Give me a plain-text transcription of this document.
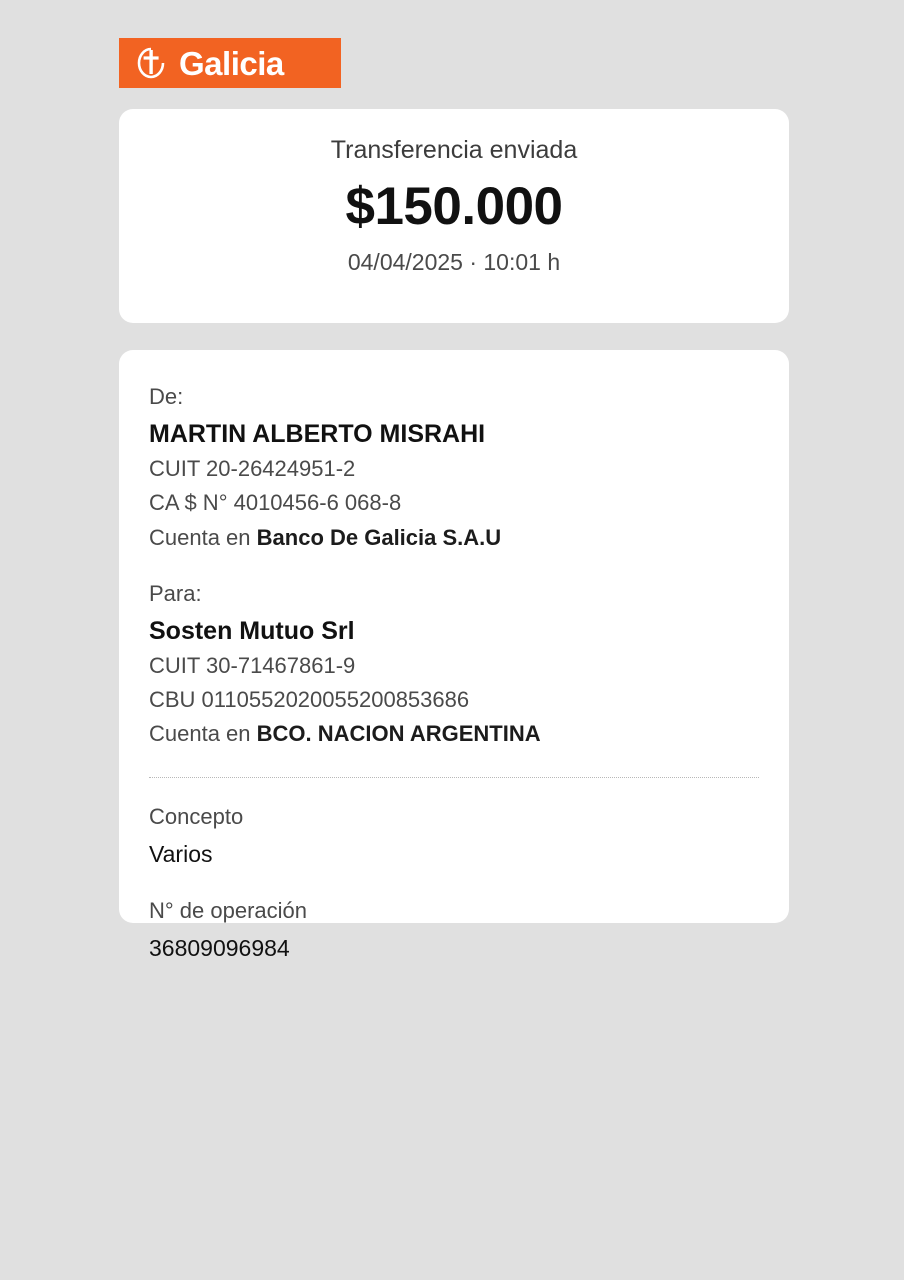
Galicia
Transferencia enviada
$150.000
04/04/2025 · 10:01 h
De:
MARTIN ALBERTO MISRAHI
CUIT 20-26424951-2
CA $ N° 4010456-6 068-8
Cuenta en Banco De Galicia S.A.U
Para:
Sosten Mutuo Srl
CUIT 30-71467861-9
CBU 0110552020055200853686
Cuenta en BCO. NACION ARGENTINA
Concepto
Varios
N° de operación
36809096984
